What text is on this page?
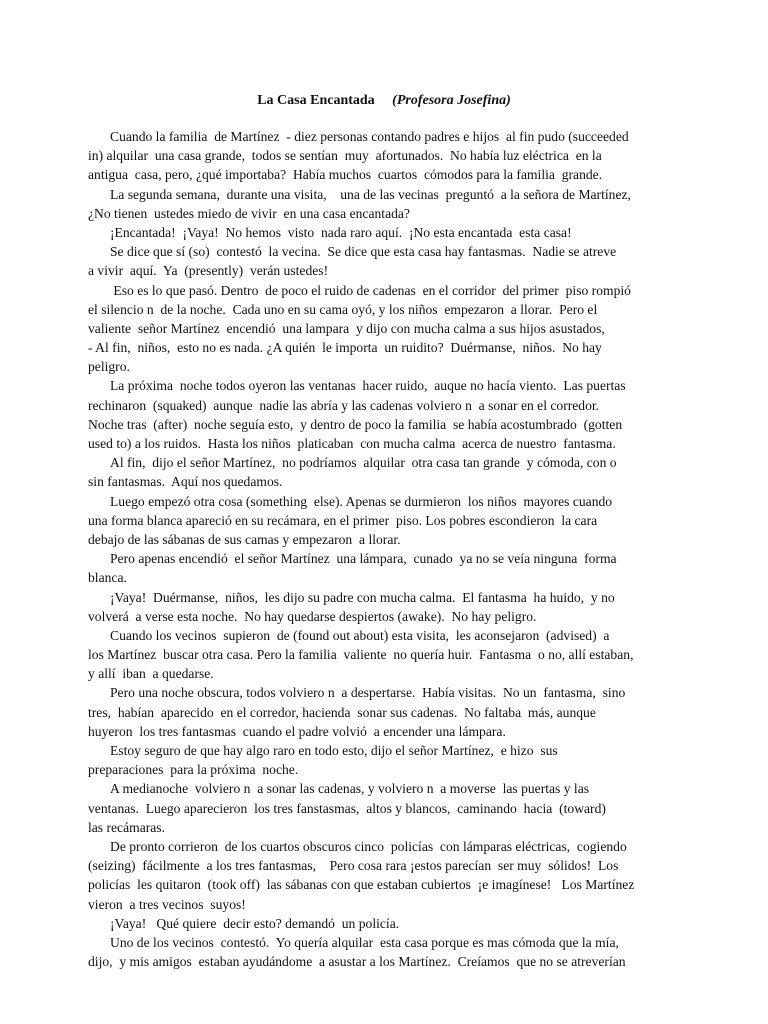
La Casa Encantada (Profesora Josefina)
Cuando la familia  de Martínez  - diez personas contando padres e hijos  al fin pudo (succeeded
in) alquilar  una casa grande,  todos se sentían  muy  afortunados.  No había luz eléctrica  en la
antigua  casa, pero, ¿qué importaba?  Había muchos  cuartos  cómodos para la familia  grande.
La segunda semana,  durante una visita,    una de las vecinas  preguntó  a la señora de Martínez,
¿No tienen  ustedes miedo de vivir  en una casa encantada?
¡Encantada!  ¡Vaya!  No hemos  visto  nada raro aquí.  ¡No esta encantada  esta casa!
Se dice que sí (so)  contestó  la vecina.  Se dice que esta casa hay fantasmas.  Nadie se atreve
a vivir  aquí.  Ya  (presently)  verán ustedes!
Eso es lo que pasó. Dentro  de poco el ruido de cadenas  en el corridor  del primer  piso rompió
el silencio n  de la noche.  Cada uno en su cama oyó, y los niños  empezaron  a llorar.  Pero el
valiente  señor Martínez  encendió  una lampara  y dijo con mucha calma a sus hijos asustados,
- Al fin,  niños,  esto no es nada. ¿A quién  le importa  un ruidito?  Duérmanse,  niños.  No hay
peligro.
La próxima  noche todos oyeron las ventanas  hacer ruido,  auque no hacía viento.  Las puertas
rechinaron  (squaked)  aunque  nadie las abría y las cadenas volviero n  a sonar en el corredor.
Noche tras  (after)  noche seguía esto,  y dentro de poco la familia  se había acostumbrado  (gotten
used to) a los ruidos.  Hasta los niños  platicaban  con mucha calma  acerca de nuestro  fantasma.
Al fin,  dijo el señor Martínez,  no podríamos  alquilar  otra casa tan grande  y cómoda, con o
sin fantasmas.  Aquí nos quedamos.
Luego empezó otra cosa (something  else). Apenas se durmieron  los niños  mayores cuando
una forma blanca apareció en su recámara, en el primer  piso. Los pobres escondieron  la cara
debajo de las sábanas de sus camas y empezaron  a llorar.
Pero apenas encendió  el señor Martínez  una lámpara,  cunado  ya no se veía ninguna  forma
blanca.
¡Vaya!  Duérmanse,  niños,  les dijo su padre con mucha calma.  El fantasma  ha huido,  y no
volverá  a verse esta noche.  No hay quedarse despiertos (awake).  No hay peligro.
Cuando los vecinos  supieron  de (found out about) esta visita,  les aconsejaron  (advised)  a
los Martínez  buscar otra casa. Pero la familia  valiente  no quería huir.  Fantasma  o no, allí estaban,
y allí  iban  a quedarse.
Pero una noche obscura, todos volviero n  a despertarse.  Había visitas.  No un  fantasma,  sino
tres,  habían  aparecido  en el corredor, hacienda  sonar sus cadenas.  No faltaba  más, aunque
huyeron  los tres fantasmas  cuando el padre volvió  a encender una lámpara.
Estoy seguro de que hay algo raro en todo esto, dijo el señor Martínez,  e hizo  sus
preparaciones  para la próxima  noche.
A medianoche  volviero n  a sonar las cadenas, y volviero n  a moverse  las puertas y las
ventanas.  Luego aparecieron  los tres fanstasmas,  altos y blancos,  caminando  hacia  (toward)
las recámaras.
De pronto corrieron  de los cuartos obscuros cinco  policías  con lámparas eléctricas,  cogiendo
(seizing)  fácilmente  a los tres fantasmas,    Pero cosa rara ¡estos parecían  ser muy  sólidos!  Los
policías  les quitaron  (took off)  las sábanas con que estaban cubiertos  ¡e imagínese!   Los Martínez
vieron  a tres vecinos  suyos!
¡Vaya!   Qué quiere  decir esto? demandó  un policía.
Uno de los vecinos  contestó.  Yo quería alquilar  esta casa porque es mas cómoda que la mía,
dijo,  y mis amigos  estaban ayudándome  a asustar a los Martínez.  Creíamos  que no se atreverían
